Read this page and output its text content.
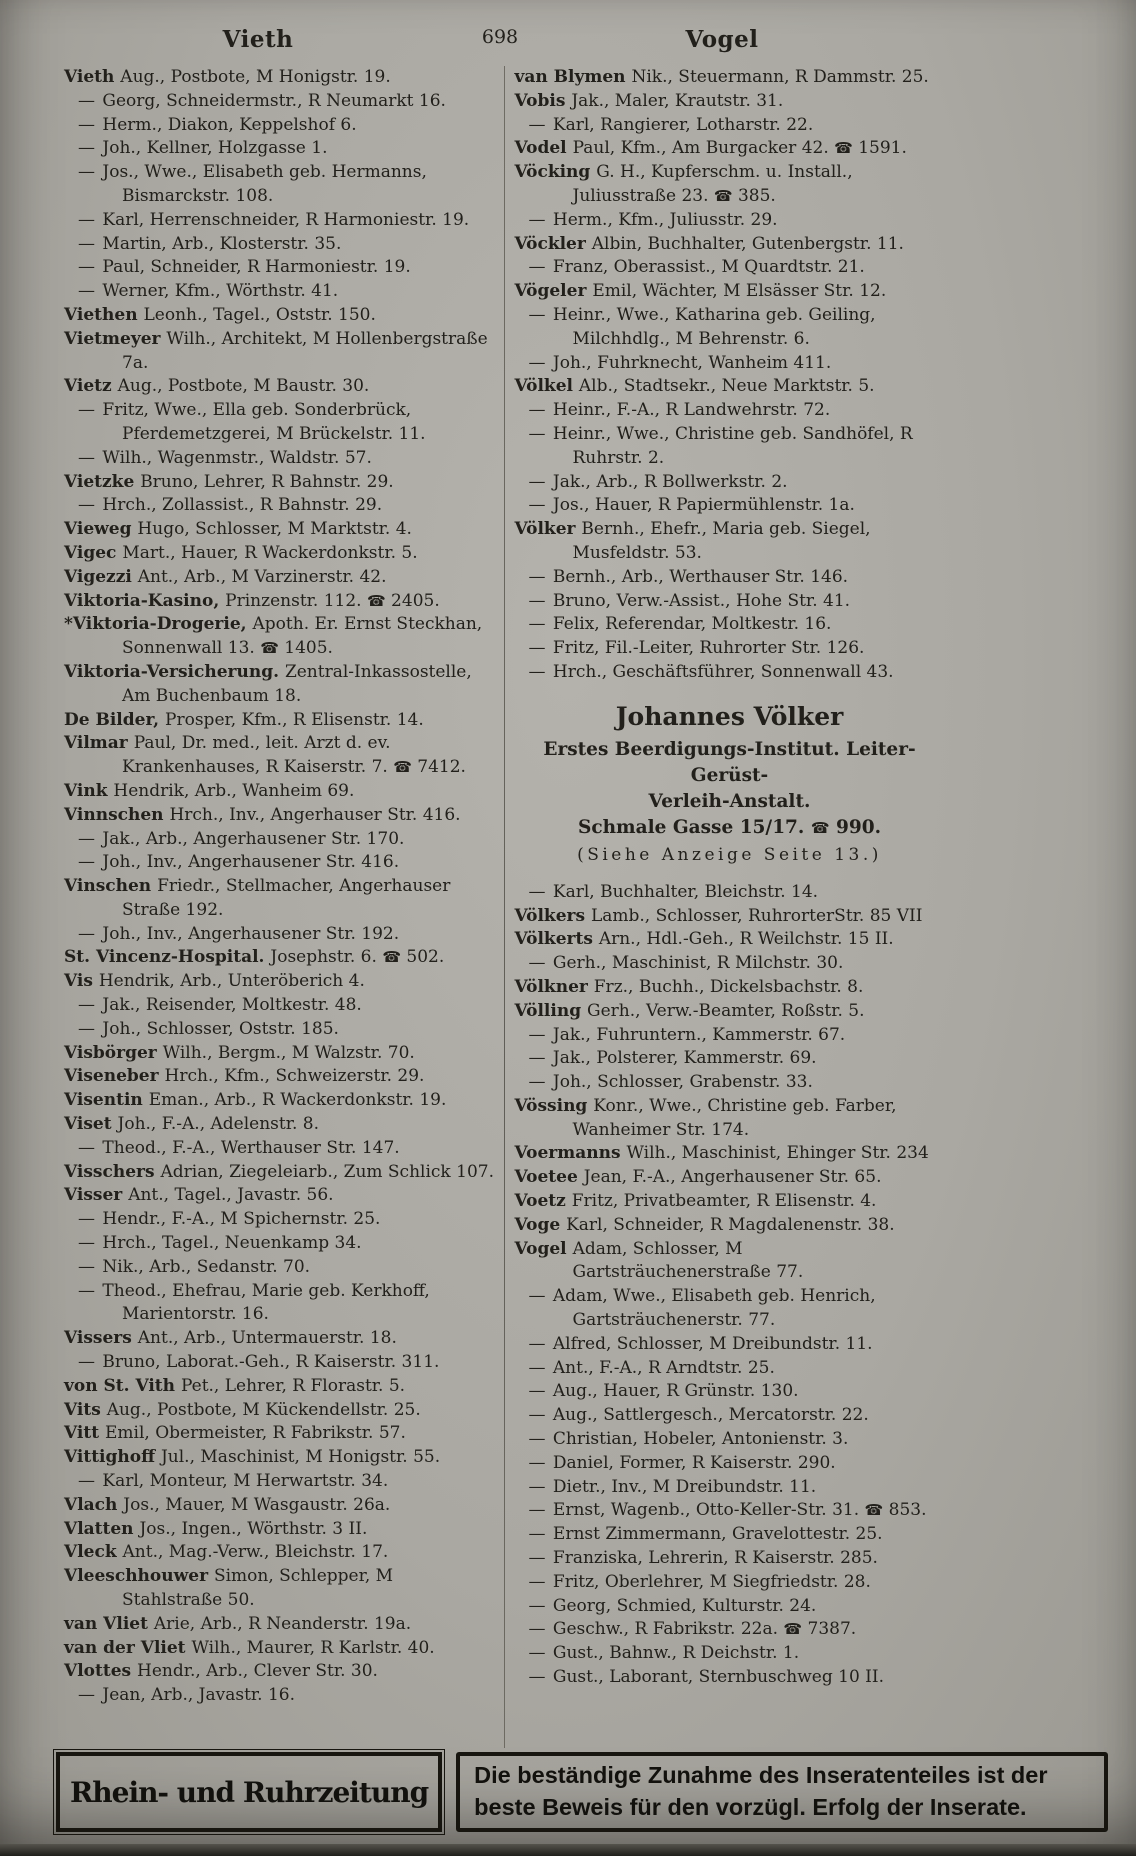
Vieth	698	Vogel
Vieth Aug., Postbote, M Honigstr. 19.
— Georg, Schneidermstr., R Neumarkt 16.
— Herm., Diakon, Keppelshof 6.
— Joh., Kellner, Holzgasse 1.
— Jos., Wwe., Elisabeth geb. Hermanns, Bismarckstr. 108.
— Karl, Herrenschneider, R Harmoniestr. 19.
— Martin, Arb., Klosterstr. 35.
— Paul, Schneider, R Harmoniestr. 19.
— Werner, Kfm., Wörthstr. 41.
Viethen Leonh., Tagel., Oststr. 150.
Vietmeyer Wilh., Architekt, M Hollenbergstraße 7a.
Vietz Aug., Postbote, M Baustr. 30.
— Fritz, Wwe., Ella geb. Sonderbrück, Pferdemetzgerei, M Brückelstr. 11.
— Wilh., Wagenmstr., Waldstr. 57.
Vietzke Bruno, Lehrer, R Bahnstr. 29.
— Hrch., Zollassist., R Bahnstr. 29.
Vieweg Hugo, Schlosser, M Marktstr. 4.
Vigec Mart., Hauer, R Wackerdonkstr. 5.
Vigezzi Ant., Arb., M Varzinerstr. 42.
Viktoria-Kasino, Prinzenstr. 112. ☎ 2405.
*Viktoria-Drogerie, Apoth. Er. Ernst Steckhan, Sonnenwall 13. ☎ 1405.
Viktoria-Versicherung. Zentral-Inkassostelle, Am Buchenbaum 18.
De Bilder, Prosper, Kfm., R Elisenstr. 14.
Vilmar Paul, Dr. med., leit. Arzt d. ev. Krankenhauses, R Kaiserstr. 7. ☎ 7412.
Vink Hendrik, Arb., Wanheim 69.
Vinnschen Hrch., Inv., Angerhauser Str. 416.
— Jak., Arb., Angerhausener Str. 170.
— Joh., Inv., Angerhausener Str. 416.
Vinschen Friedr., Stellmacher, Angerhauser Straße 192.
— Joh., Inv., Angerhausener Str. 192.
St. Vincenz-Hospital. Josephstr. 6. ☎ 502.
Vis Hendrik, Arb., Unteröberich 4.
— Jak., Reisender, Moltkestr. 48.
— Joh., Schlosser, Oststr. 185.
Visbörger Wilh., Bergm., M Walzstr. 70.
Viseneber Hrch., Kfm., Schweizerstr. 29.
Visentin Eman., Arb., R Wackerdonkstr. 19.
Viset Joh., F.-A., Adelenstr. 8.
— Theod., F.-A., Werthauser Str. 147.
Visschers Adrian, Ziegeleiarb., Zum Schlick 107.
Visser Ant., Tagel., Javastr. 56.
— Hendr., F.-A., M Spichernstr. 25.
— Hrch., Tagel., Neuenkamp 34.
— Nik., Arb., Sedanstr. 70.
— Theod., Ehefrau, Marie geb. Kerkhoff, Marientorstr. 16.
Vissers Ant., Arb., Untermauerstr. 18.
— Bruno, Laborat.-Geh., R Kaiserstr. 311.
von St. Vith Pet., Lehrer, R Florastr. 5.
Vits Aug., Postbote, M Kückendellstr. 25.
Vitt Emil, Obermeister, R Fabrikstr. 57.
Vittighoff Jul., Maschinist, M Honigstr. 55.
— Karl, Monteur, M Herwartstr. 34.
Vlach Jos., Mauer, M Wasgaustr. 26a.
Vlatten Jos., Ingen., Wörthstr. 3 II.
Vleck Ant., Mag.-Verw., Bleichstr. 17.
Vleeschhouwer Simon, Schlepper, M Stahlstraße 50.
van Vliet Arie, Arb., R Neanderstr. 19a.
van der Vliet Wilh., Maurer, R Karlstr. 40.
Vlottes Hendr., Arb., Clever Str. 30.
— Jean, Arb., Javastr. 16.
van Blymen Nik., Steuermann, R Dammstr. 25.
Vobis Jak., Maler, Krautstr. 31.
— Karl, Rangierer, Lotharstr. 22.
Vodel Paul, Kfm., Am Burgacker 42. ☎ 1591.
Vöcking G. H., Kupferschm. u. Install., Juliusstraße 23. ☎ 385.
— Herm., Kfm., Juliusstr. 29.
Vöckler Albin, Buchhalter, Gutenbergstr. 11.
— Franz, Oberassist., M Quardtstr. 21.
Vögeler Emil, Wächter, M Elsässer Str. 12.
— Heinr., Wwe., Katharina geb. Geiling, Milchhdlg., M Behrenstr. 6.
— Joh., Fuhrknecht, Wanheim 411.
Völkel Alb., Stadtsekr., Neue Marktstr. 5.
— Heinr., F.-A., R Landwehrstr. 72.
— Heinr., Wwe., Christine geb. Sandhöfel, R Ruhrstr. 2.
— Jak., Arb., R Bollwerkstr. 2.
— Jos., Hauer, R Papiermühlenstr. 1a.
Völker Bernh., Ehefr., Maria geb. Siegel, Musfeldstr. 53.
— Bernh., Arb., Werthauser Str. 146.
— Bruno, Verw.-Assist., Hohe Str. 41.
— Felix, Referendar, Moltkestr. 16.
— Fritz, Fil.-Leiter, Ruhrorter Str. 126.
— Hrch., Geschäftsführer, Sonnenwall 43.
Johannes Völker
Erstes Beerdigungs-Institut. Leiter-Gerüst-
Verleih-Anstalt.
Schmale Gasse 15/17. ☎ 990.
(Siehe Anzeige Seite 13.)
— Karl, Buchhalter, Bleichstr. 14.
Völkers Lamb., Schlosser, RuhrorterStr. 85 VII
Völkerts Arn., Hdl.-Geh., R Weilchstr. 15 II.
— Gerh., Maschinist, R Milchstr. 30.
Völkner Frz., Buchh., Dickelsbachstr. 8.
Völling Gerh., Verw.-Beamter, Roßstr. 5.
— Jak., Fuhruntern., Kammerstr. 67.
— Jak., Polsterer, Kammerstr. 69.
— Joh., Schlosser, Grabenstr. 33.
Vössing Konr., Wwe., Christine geb. Farber, Wanheimer Str. 174.
Voermanns Wilh., Maschinist, Ehinger Str. 234
Voetee Jean, F.-A., Angerhausener Str. 65.
Voetz Fritz, Privatbeamter, R Elisenstr. 4.
Voge Karl, Schneider, R Magdalenenstr. 38.
Vogel Adam, Schlosser, M Gartsträuchenerstraße 77.
— Adam, Wwe., Elisabeth geb. Henrich, Gartsträuchenerstr. 77.
— Alfred, Schlosser, M Dreibundstr. 11.
— Ant., F.-A., R Arndtstr. 25.
— Aug., Hauer, R Grünstr. 130.
— Aug., Sattlergesch., Mercatorstr. 22.
— Christian, Hobeler, Antonienstr. 3.
— Daniel, Former, R Kaiserstr. 290.
— Dietr., Inv., M Dreibundstr. 11.
— Ernst, Wagenb., Otto-Keller-Str. 31. ☎ 853.
— Ernst Zimmermann, Gravelottestr. 25.
— Franziska, Lehrerin, R Kaiserstr. 285.
— Fritz, Oberlehrer, M Siegfriedstr. 28.
— Georg, Schmied, Kulturstr. 24.
— Geschw., R Fabrikstr. 22a. ☎ 7387.
— Gust., Bahnw., R Deichstr. 1.
— Gust., Laborant, Sternbuschweg 10 II.
Rhein- und Ruhrzeitung
Die beständige Zunahme des Inseratenteiles ist der
beste Beweis für den vorzügl. Erfolg der Inserate.
